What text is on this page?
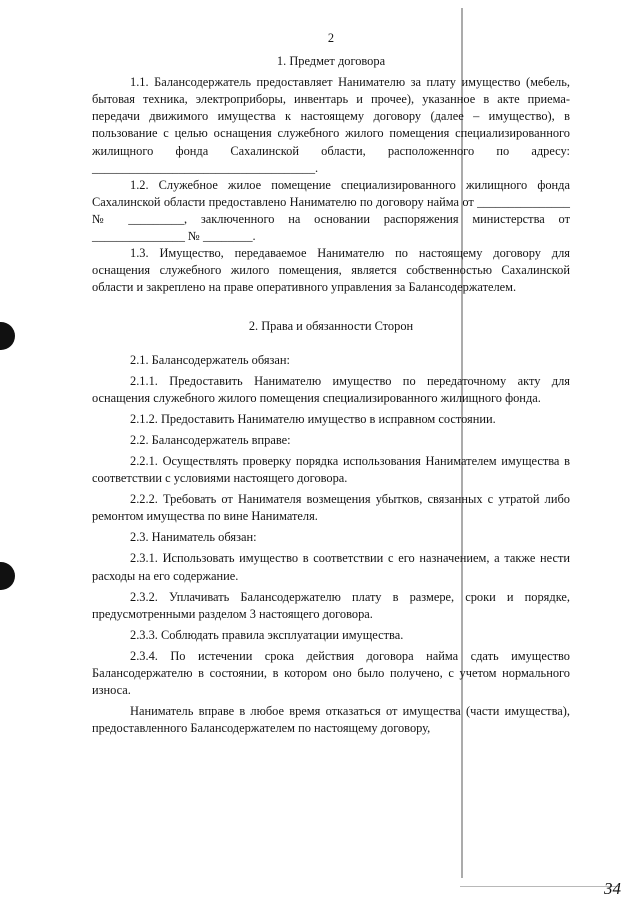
2
1. Предмет договора

1.1. Балансодержатель предоставляет Нанимателю за плату имущество (мебель, бытовая техника, электроприборы, инвентарь и прочее), указанное в акте приема-передачи движимого имущества к настоящему договору (далее – имущество), в пользование с целью оснащения служебного жилого помещения специализированного жилищного фонда Сахалинской области, расположенного по адресу: ____________________________________.

1.2. Служебное жилое помещение специализированного жилищного фонда Сахалинской области предоставлено Нанимателю по договору найма от _______________ № _________, заключенного на основании распоряжения министерства от _______________ № ________.

1.3. Имущество, передаваемое Нанимателю по настоящему договору для оснащения служебного жилого помещения, является собственностью Сахалинской области и закреплено на праве оперативного управления за Балансодержателем.

2. Права и обязанности Сторон

2.1. Балансодержатель обязан:

2.1.1. Предоставить Нанимателю имущество по передаточному акту для оснащения служебного жилого помещения специализированного жилищного фонда.

2.1.2. Предоставить Нанимателю имущество в исправном состоянии.

2.2. Балансодержатель вправе:

2.2.1. Осуществлять проверку порядка использования Нанимателем имущества в соответствии с условиями настоящего договора.

2.2.2. Требовать от Нанимателя возмещения убытков, связанных с утратой либо ремонтом имущества по вине Нанимателя.

2.3. Наниматель обязан:

2.3.1. Использовать имущество в соответствии с его назначением, а также нести расходы на его содержание.

2.3.2. Уплачивать Балансодержателю плату в размере, сроки и порядке, предусмотренными разделом 3 настоящего договора.

2.3.3. Соблюдать правила эксплуатации имущества.

2.3.4. По истечении срока действия договора найма сдать имущество Балансодержателю в состоянии, в котором оно было получено, с учетом нормального износа.

Наниматель вправе в любое время отказаться от имущества (части имущества), предоставленного Балансодержателем по настоящему договору,

34
